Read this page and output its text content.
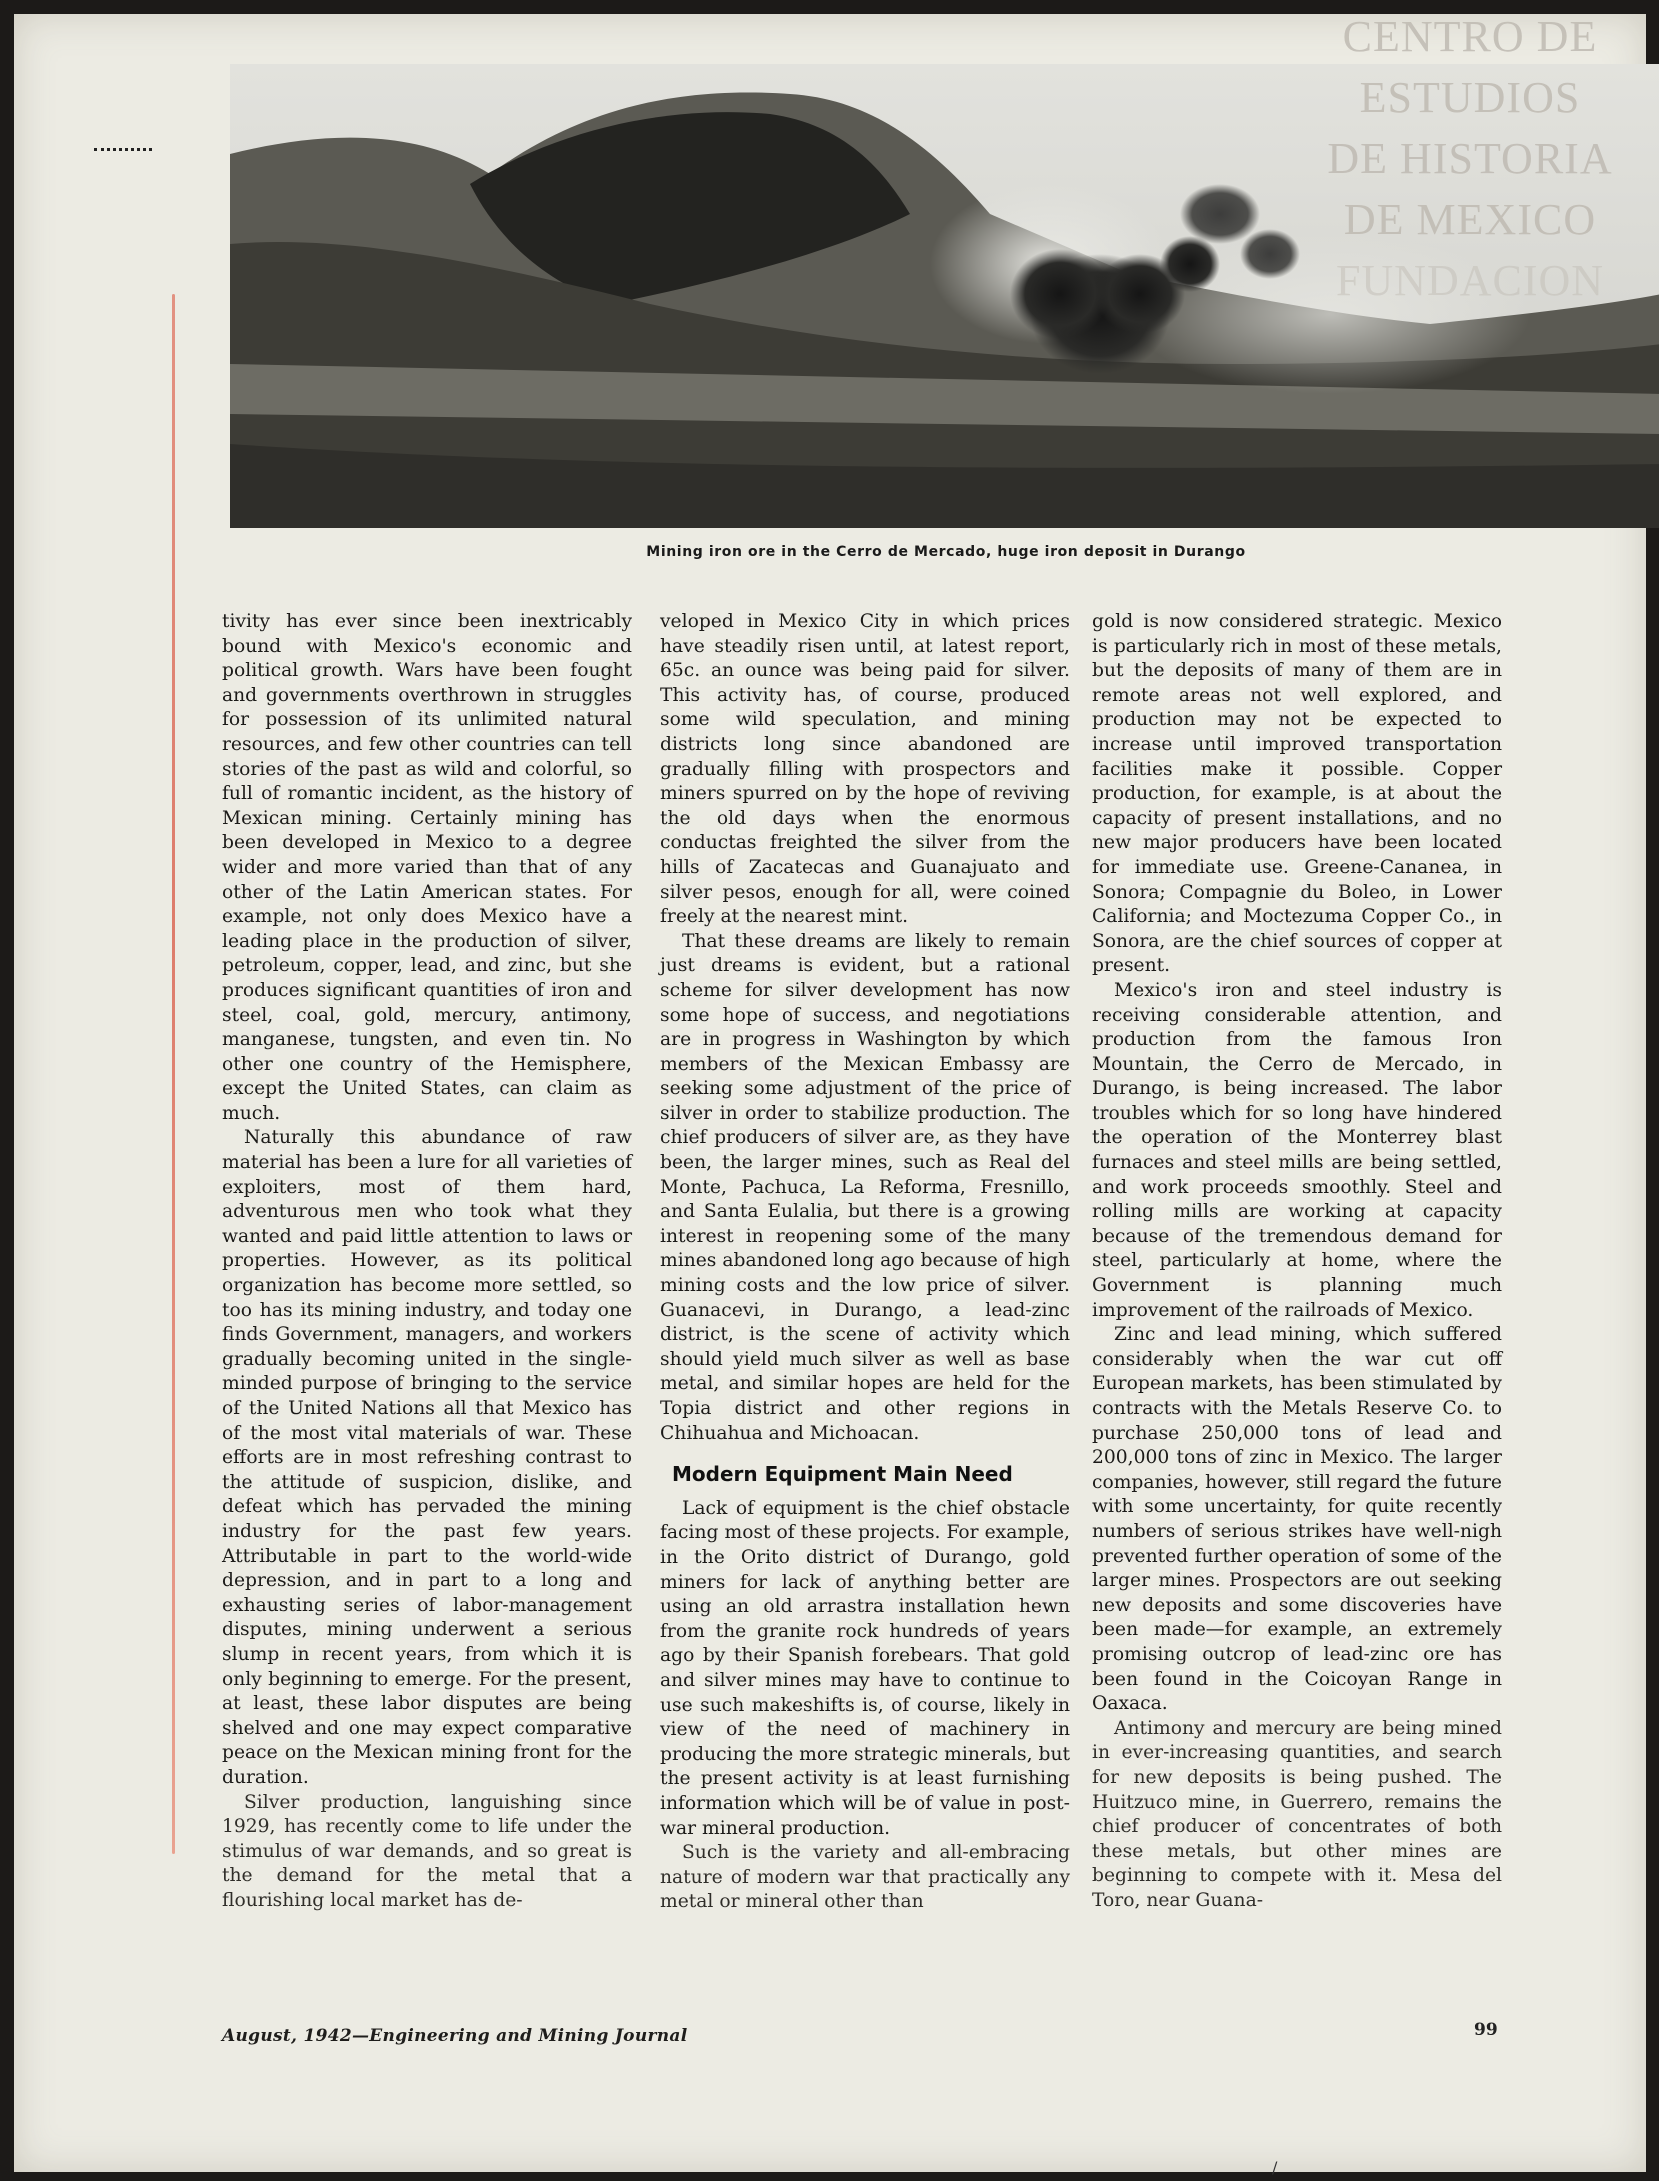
Mining iron ore in the Cerro de Mercado, huge iron deposit in Durango
CENTRO DE
ESTUDIOS
DE HISTORIA
DE MEXICO
FUNDACION

tivity has ever since been inextricably bound with Mexico's economic and political growth. Wars have been fought and governments overthrown in struggles for possession of its unlimited natural resources, and few other countries can tell stories of the past as wild and colorful, so full of romantic incident, as the history of Mexican mining. Certainly mining has been developed in Mexico to a degree wider and more varied than that of any other of the Latin American states. For example, not only does Mexico have a leading place in the production of silver, petroleum, copper, lead, and zinc, but she produces significant quantities of iron and steel, coal, gold, mercury, antimony, manganese, tungsten, and even tin. No other one country of the Hemisphere, except the United States, can claim as much.

Naturally this abundance of raw material has been a lure for all varieties of exploiters, most of them hard, adventurous men who took what they wanted and paid little attention to laws or properties. However, as its political organization has become more settled, so too has its mining industry, and today one finds Government, managers, and workers gradually becoming united in the single-minded purpose of bringing to the service of the United Nations all that Mexico has of the most vital materials of war. These efforts are in most refreshing contrast to the attitude of suspicion, dislike, and defeat which has pervaded the mining industry for the past few years. Attributable in part to the world-wide depression, and in part to a long and exhausting series of labor-management disputes, mining underwent a serious slump in recent years, from which it is only beginning to emerge. For the present, at least, these labor disputes are being shelved and one may expect comparative peace on the Mexican mining front for the duration.

Silver production, languishing since 1929, has recently come to life under the stimulus of war demands, and so great is the demand for the metal that a flourishing local market has de-

veloped in Mexico City in which prices have steadily risen until, at latest report, 65c. an ounce was being paid for silver. This activity has, of course, produced some wild speculation, and mining districts long since abandoned are gradually filling with prospectors and miners spurred on by the hope of reviving the old days when the enormous conductas freighted the silver from the hills of Zacatecas and Guanajuato and silver pesos, enough for all, were coined freely at the nearest mint.

That these dreams are likely to remain just dreams is evident, but a rational scheme for silver development has now some hope of success, and negotiations are in progress in Washington by which members of the Mexican Embassy are seeking some adjustment of the price of silver in order to stabilize production. The chief producers of silver are, as they have been, the larger mines, such as Real del Monte, Pachuca, La Reforma, Fresnillo, and Santa Eulalia, but there is a growing interest in reopening some of the many mines abandoned long ago because of high mining costs and the low price of silver. Guanacevi, in Durango, a lead-zinc district, is the scene of activity which should yield much silver as well as base metal, and similar hopes are held for the Topia district and other regions in Chihuahua and Michoacan.

Modern Equipment Main Need

Lack of equipment is the chief obstacle facing most of these projects. For example, in the Orito district of Durango, gold miners for lack of anything better are using an old arrastra installation hewn from the granite rock hundreds of years ago by their Spanish forebears. That gold and silver mines may have to continue to use such makeshifts is, of course, likely in view of the need of machinery in producing the more strategic minerals, but the present activity is at least furnishing information which will be of value in post-war mineral production.

Such is the variety and all-embracing nature of modern war that practically any metal or mineral other than

gold is now considered strategic. Mexico is particularly rich in most of these metals, but the deposits of many of them are in remote areas not well explored, and production may not be expected to increase until improved transportation facilities make it possible. Copper production, for example, is at about the capacity of present installations, and no new major producers have been located for immediate use. Greene-Cananea, in Sonora; Compagnie du Boleo, in Lower California; and Moctezuma Copper Co., in Sonora, are the chief sources of copper at present.

Mexico's iron and steel industry is receiving considerable attention, and production from the famous Iron Mountain, the Cerro de Mercado, in Durango, is being increased. The labor troubles which for so long have hindered the operation of the Monterrey blast furnaces and steel mills are being settled, and work proceeds smoothly. Steel and rolling mills are working at capacity because of the tremendous demand for steel, particularly at home, where the Government is planning much improvement of the railroads of Mexico.

Zinc and lead mining, which suffered considerably when the war cut off European markets, has been stimulated by contracts with the Metals Reserve Co. to purchase 250,000 tons of lead and 200,000 tons of zinc in Mexico. The larger companies, however, still regard the future with some uncertainty, for quite recently numbers of serious strikes have well-nigh prevented further operation of some of the larger mines. Prospectors are out seeking new deposits and some discoveries have been made—for example, an extremely promising outcrop of lead-zinc ore has been found in the Coicoyan Range in Oaxaca.

Antimony and mercury are being mined in ever-increasing quantities, and search for new deposits is being pushed. The Huitzuco mine, in Guerrero, remains the chief producer of concentrates of both these metals, but other mines are beginning to compete with it. Mesa del Toro, near Guana-

August, 1942—Engineering and Mining Journal	99
/
